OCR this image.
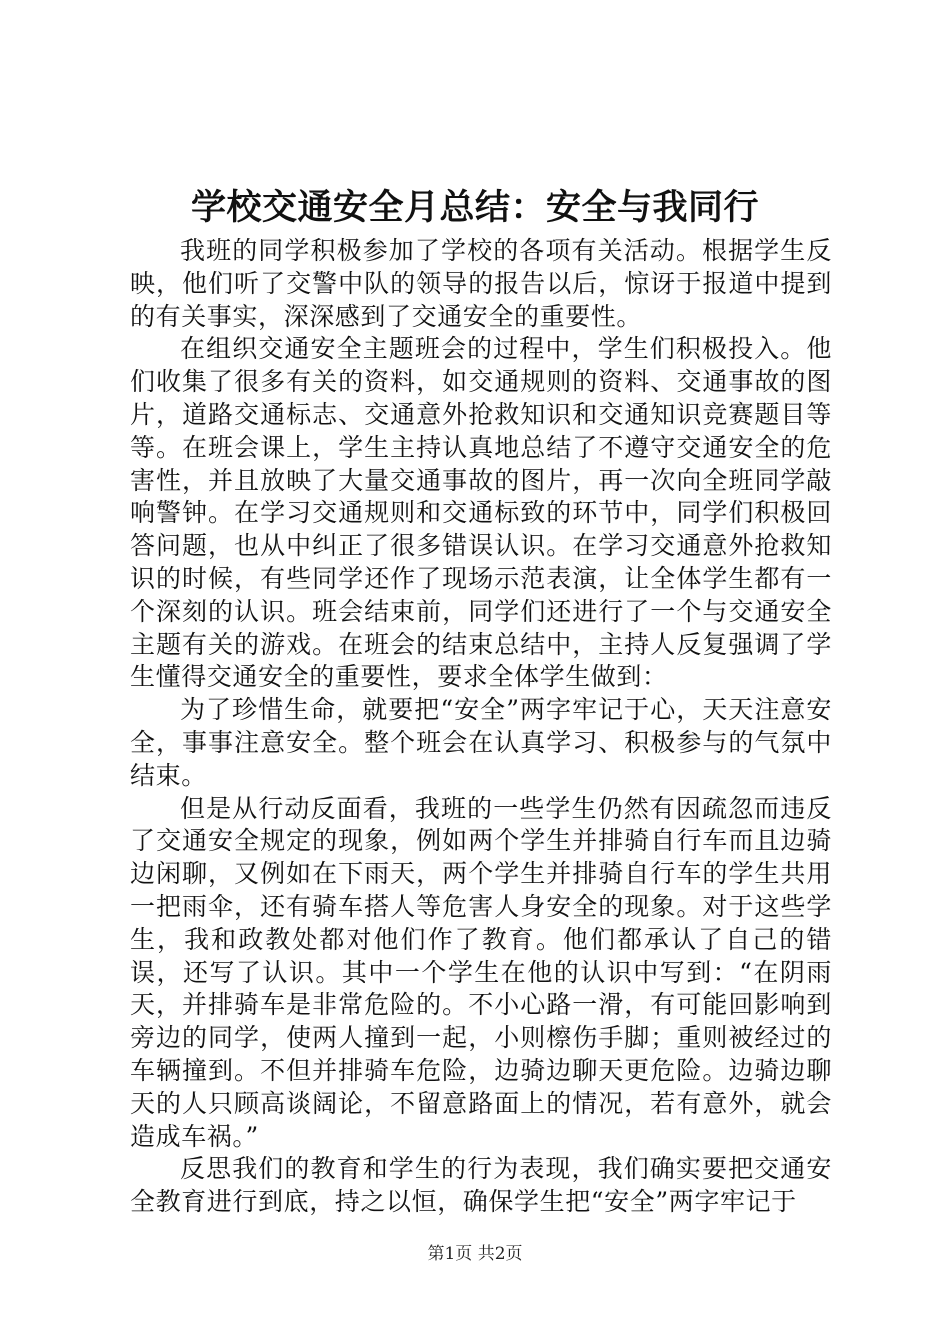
学校交通安全月总结：安全与我同行

我班的同学积极参加了学校的各项有关活动。根据学生反映，他们听了交警中队的领导的报告以后，惊讶于报道中提到的有关事实，深深感到了交通安全的重要性。

在组织交通安全主题班会的过程中，学生们积极投入。他们收集了很多有关的资料，如交通规则的资料、交通事故的图片，道路交通标志、交通意外抢救知识和交通知识竞赛题目等等。在班会课上，学生主持认真地总结了不遵守交通安全的危害性，并且放映了大量交通事故的图片，再一次向全班同学敲响警钟。在学习交通规则和交通标致的环节中，同学们积极回答问题，也从中纠正了很多错误认识。在学习交通意外抢救知识的时候，有些同学还作了现场示范表演，让全体学生都有一个深刻的认识。班会结束前，同学们还进行了一个与交通安全主题有关的游戏。在班会的结束总结中，主持人反复强调了学生懂得交通安全的重要性，要求全体学生做到：

为了珍惜生命，就要把“安全”两字牢记于心，天天注意安全，事事注意安全。整个班会在认真学习、积极参与的气氛中结束。

但是从行动反面看，我班的一些学生仍然有因疏忽而违反了交通安全规定的现象，例如两个学生并排骑自行车而且边骑边闲聊，又例如在下雨天，两个学生并排骑自行车的学生共用一把雨伞，还有骑车搭人等危害人身安全的现象。对于这些学生，我和政教处都对他们作了教育。他们都承认了自己的错误，还写了认识。其中一个学生在他的认识中写到：“在阴雨天，并排骑车是非常危险的。不小心路一滑，有可能回影响到旁边的同学，使两人撞到一起，小则檫伤手脚；重则被经过的车辆撞到。不但并排骑车危险，边骑边聊天更危险。边骑边聊天的人只顾高谈阔论，不留意路面上的情况，若有意外，就会造成车祸。”

反思我们的教育和学生的行为表现，我们确实要把交通安全教育进行到底，持之以恒，确保学生把“安全”两字牢记于

第1页 共2页
